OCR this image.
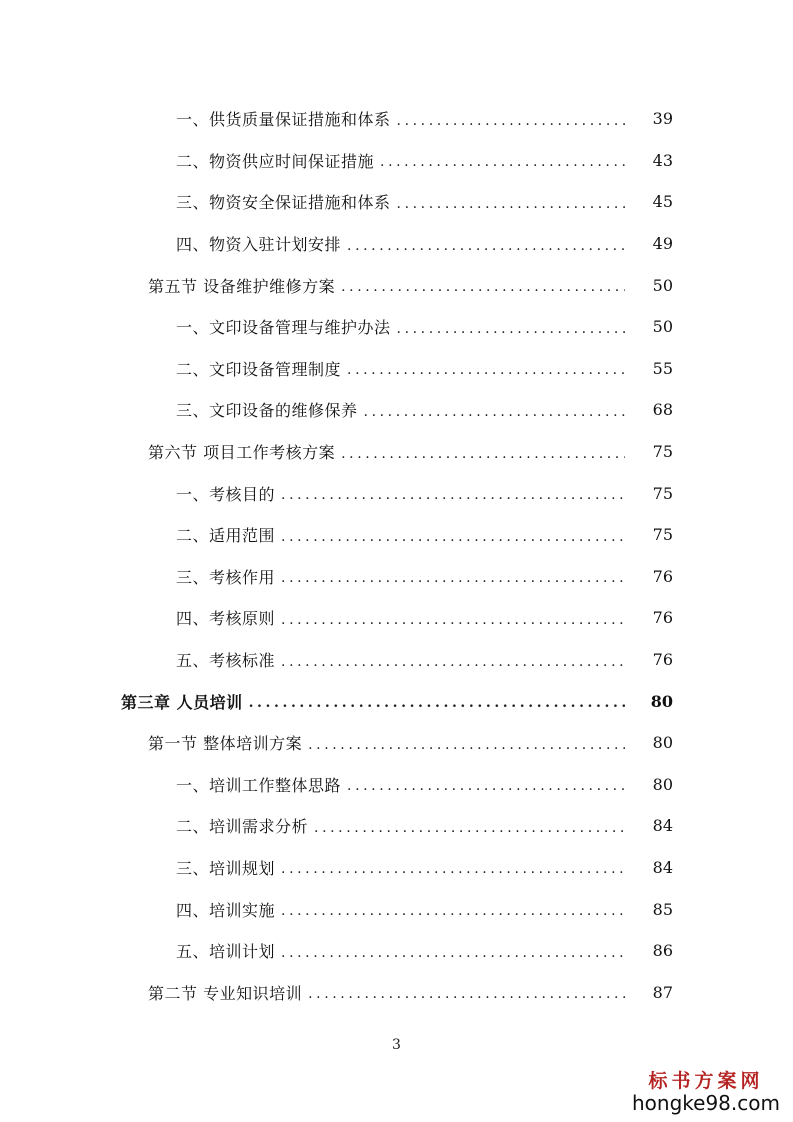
一、供货质量保证措施和体系 .....	39
二、物资供应时间保证措施 .....	43
三、物资安全保证措施和体系 .....	45
四、物资入驻计划安排 .....	49
第五节 设备维护维修方案 .....	50
一、文印设备管理与维护办法 .....	50
二、文印设备管理制度 .....	55
三、文印设备的维修保养 .....	68
第六节 项目工作考核方案 .....	75
一、考核目的 .....	75
二、适用范围 .....	75
三、考核作用 .....	76
四、考核原则 .....	76
五、考核标准 .....	76
第三章 人员培训 .....	80
第一节 整体培训方案 .....	80
一、培训工作整体思路 .....	80
二、培训需求分析 .....	84
三、培训规划 .....	84
四、培训实施 .....	85
五、培训计划 .....	86
第二节 专业知识培训 .....	87
3
标书方案网
hongke98.com
